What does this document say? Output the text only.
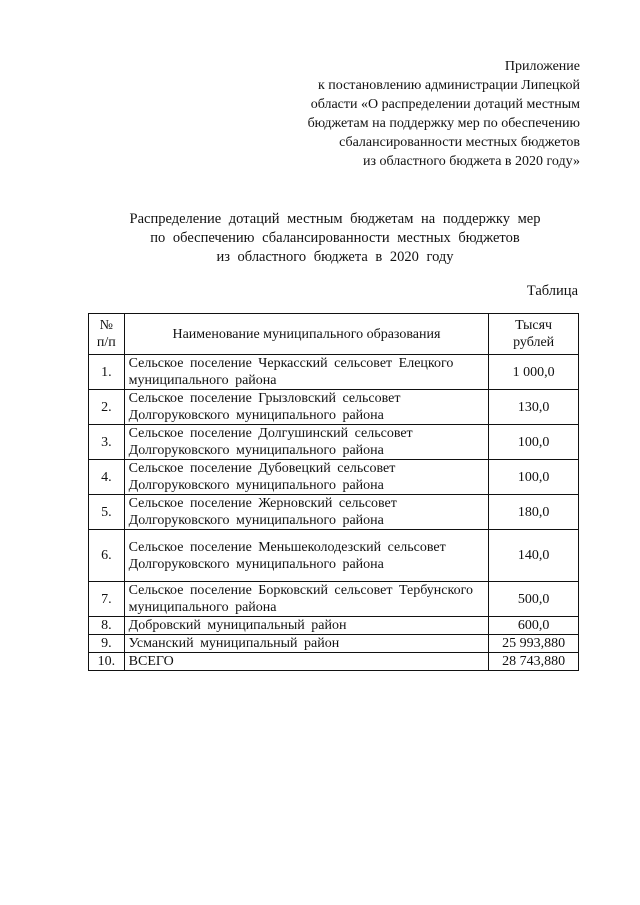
Приложение
к постановлению администрации Липецкой
области «О распределении дотаций местным
бюджетам на поддержку мер по обеспечению
сбалансированности местных бюджетов
из областного бюджета в 2020 году»
Распределение дотаций местным бюджетам на поддержку мер
по обеспечению сбалансированности местных бюджетов
из областного бюджета в 2020 году
Таблица
№ п/п	Наименование муниципального образования	Тысяч рублей
1.	Сельское поселение Черкасский сельсовет Елецкого муниципального района	1 000,0
2.	Сельское поселение Грызловский сельсовет Долгоруковского муниципального района	130,0
3.	Сельское поселение Долгушинский сельсовет Долгоруковского муниципального района	100,0
4.	Сельское поселение Дубовецкий сельсовет Долгоруковского муниципального района	100,0
5.	Сельское поселение Жерновский сельсовет Долгоруковского муниципального района	180,0
6.	Сельское поселение Меньшеколодезский сельсовет Долгоруковского муниципального района	140,0
7.	Сельское поселение Борковский сельсовет Тербунского муниципального района	500,0
8.	Добровский муниципальный район	600,0
9.	Усманский муниципальный район	25 993,880
10.	ВСЕГО	28 743,880
